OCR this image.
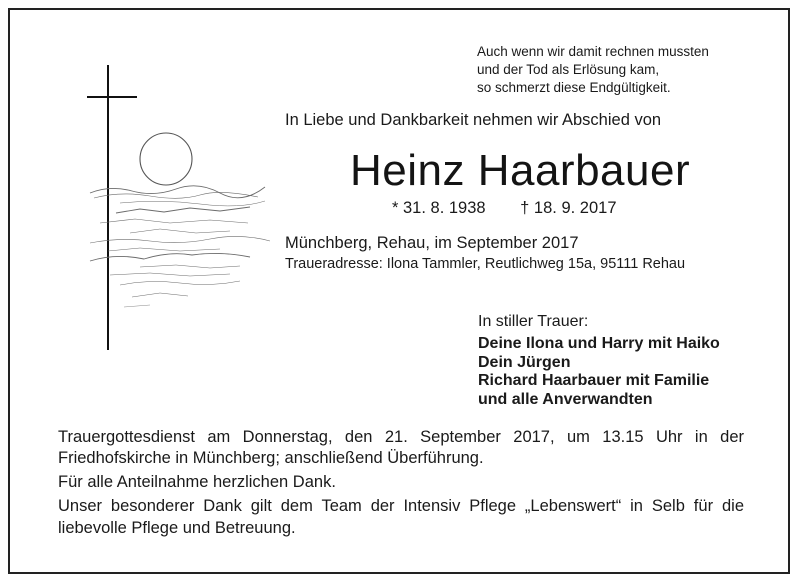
Auch wenn wir damit rechnen mussten
und der Tod als Erlösung kam,
so schmerzt diese Endgültigkeit.
In Liebe und Dankbarkeit nehmen wir Abschied von
Heinz Haarbauer
* 31. 8. 1938 † 18. 9. 2017
Münchberg, Rehau, im September 2017
Traueradresse: Ilona Tammler, Reutlichweg 15a, 95111 Rehau
In stiller Trauer:
Deine Ilona und Harry mit Haiko
Dein Jürgen
Richard Haarbauer mit Familie
und alle Anverwandten
Trauergottesdienst am Donnerstag, den 21. September 2017, um 13.15 Uhr in der
Friedhofskirche in Münchberg; anschließend Überführung.
Für alle Anteilnahme herzlichen Dank.
Unser besonderer Dank gilt dem Team der Intensiv Pflege „Lebenswert“ in Selb für die
liebevolle Pflege und Betreuung.
